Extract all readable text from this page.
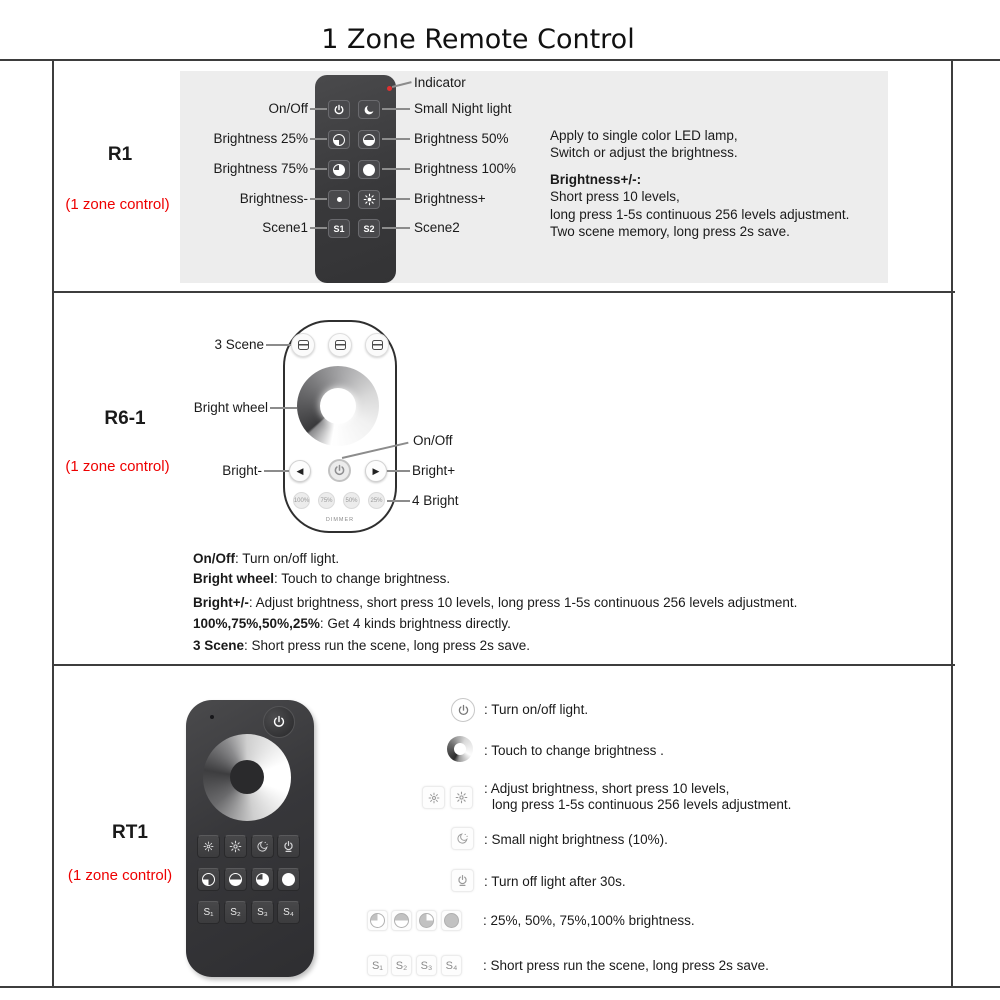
1 Zone Remote Control
R1
(1 zone control)
S1 S2
On/Off
Brightness 25%
Brightness 75%
Brightness-
Scene1
Indicator
Small Night light
Brightness 50%
Brightness 100%
Brightness+
Scene2
Apply to single color LED lamp,
Switch or adjust the brightness.
Brightness+/-:
Short press 10 levels,
long press 1-5s continuous 256 levels adjustment.
Two scene memory, long press 2s save.
R6-1
(1 zone control)	◀	▶
100% 75% 50% 25%
DIMMER
3 Scene
Bright wheel
Bright-
On/Off
Bright+
4 Bright
On/Off: Turn on/off light.
Bright wheel: Touch to change brightness.
Bright+/-: Adjust brightness, short press 10 levels, long press 1-5s continuous 256 levels adjustment.
100%,75%,50%,25%: Get 4 kinds brightness directly.
3 Scene: Short press run the scene, long press 2s save.
RT1
(1 zone control)
S₁ S₂ S₃ S₄
: Turn on/off light.
: Touch to change brightness .
: Adjust brightness, short press 10 levels,
long press 1-5s continuous 256 levels adjustment.
: Small night brightness (10%).
: Turn off light after 30s.
: 25%, 50%, 75%,100% brightness.
S₁ S₂ S₃ S₄ : Short press run the scene, long press 2s save.
